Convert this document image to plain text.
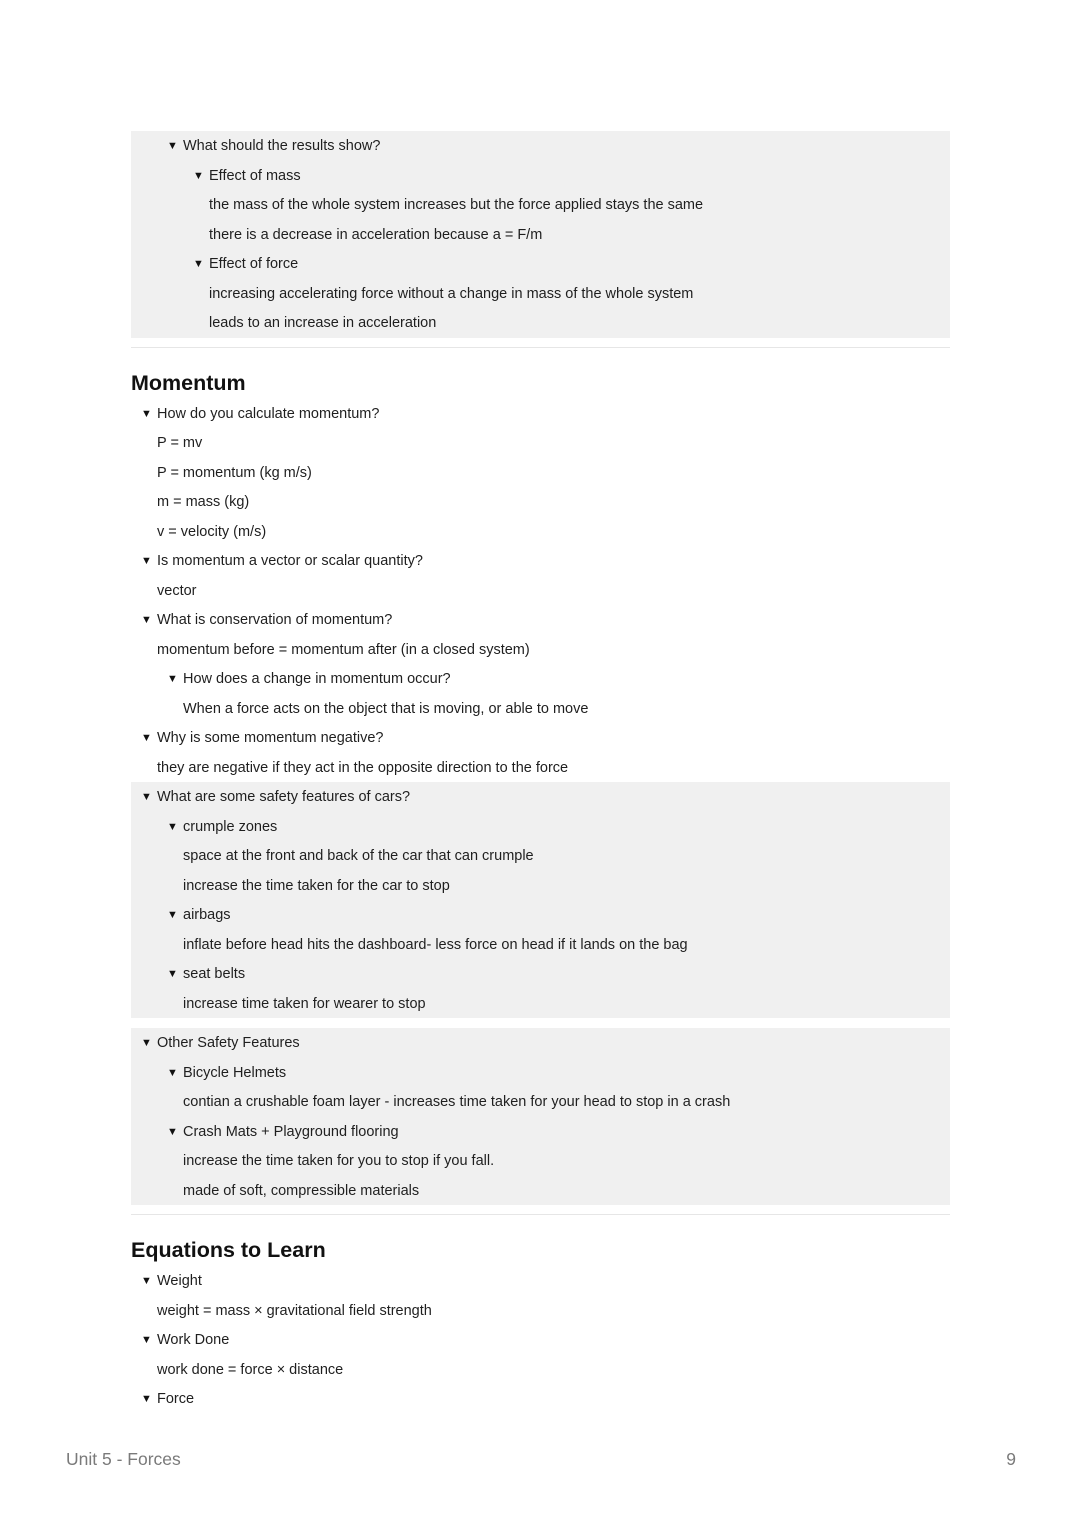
▼ What should the results show?
▼ Effect of mass
the mass of the whole system increases but the force applied stays the same
there is a decrease in acceleration because a = F/m
▼ Effect of force
increasing accelerating force without a change in mass of the whole system
leads to an increase in acceleration
Momentum
▼ How do you calculate momentum?
P = mv
P = momentum (kg m/s)
m = mass (kg)
v = velocity (m/s)
▼ Is momentum a vector or scalar quantity?
vector
▼ What is conservation of momentum?
momentum before = momentum after (in a closed system)
▼ How does a change in momentum occur?
When a force acts on the object that is moving, or able to move
▼ Why is some momentum negative?
they are negative if they act in the opposite direction to the force
▼ What are some safety features of cars?
▼ crumple zones
space at the front and back of the car that can crumple
increase the time taken for the car to stop
▼ airbags
inflate before head hits the dashboard- less force on head if it lands on the bag
▼ seat belts
increase time taken for wearer to stop
▼ Other Safety Features
▼ Bicycle Helmets
contian a crushable foam layer - increases time taken for your head to stop in a crash
▼ Crash Mats + Playground flooring
increase the time taken for you to stop if you fall.
made of soft, compressible materials
Equations to Learn
▼ Weight
weight = mass × gravitational field strength
▼ Work Done
work done = force × distance
▼ Force
Unit 5 - Forces	9
